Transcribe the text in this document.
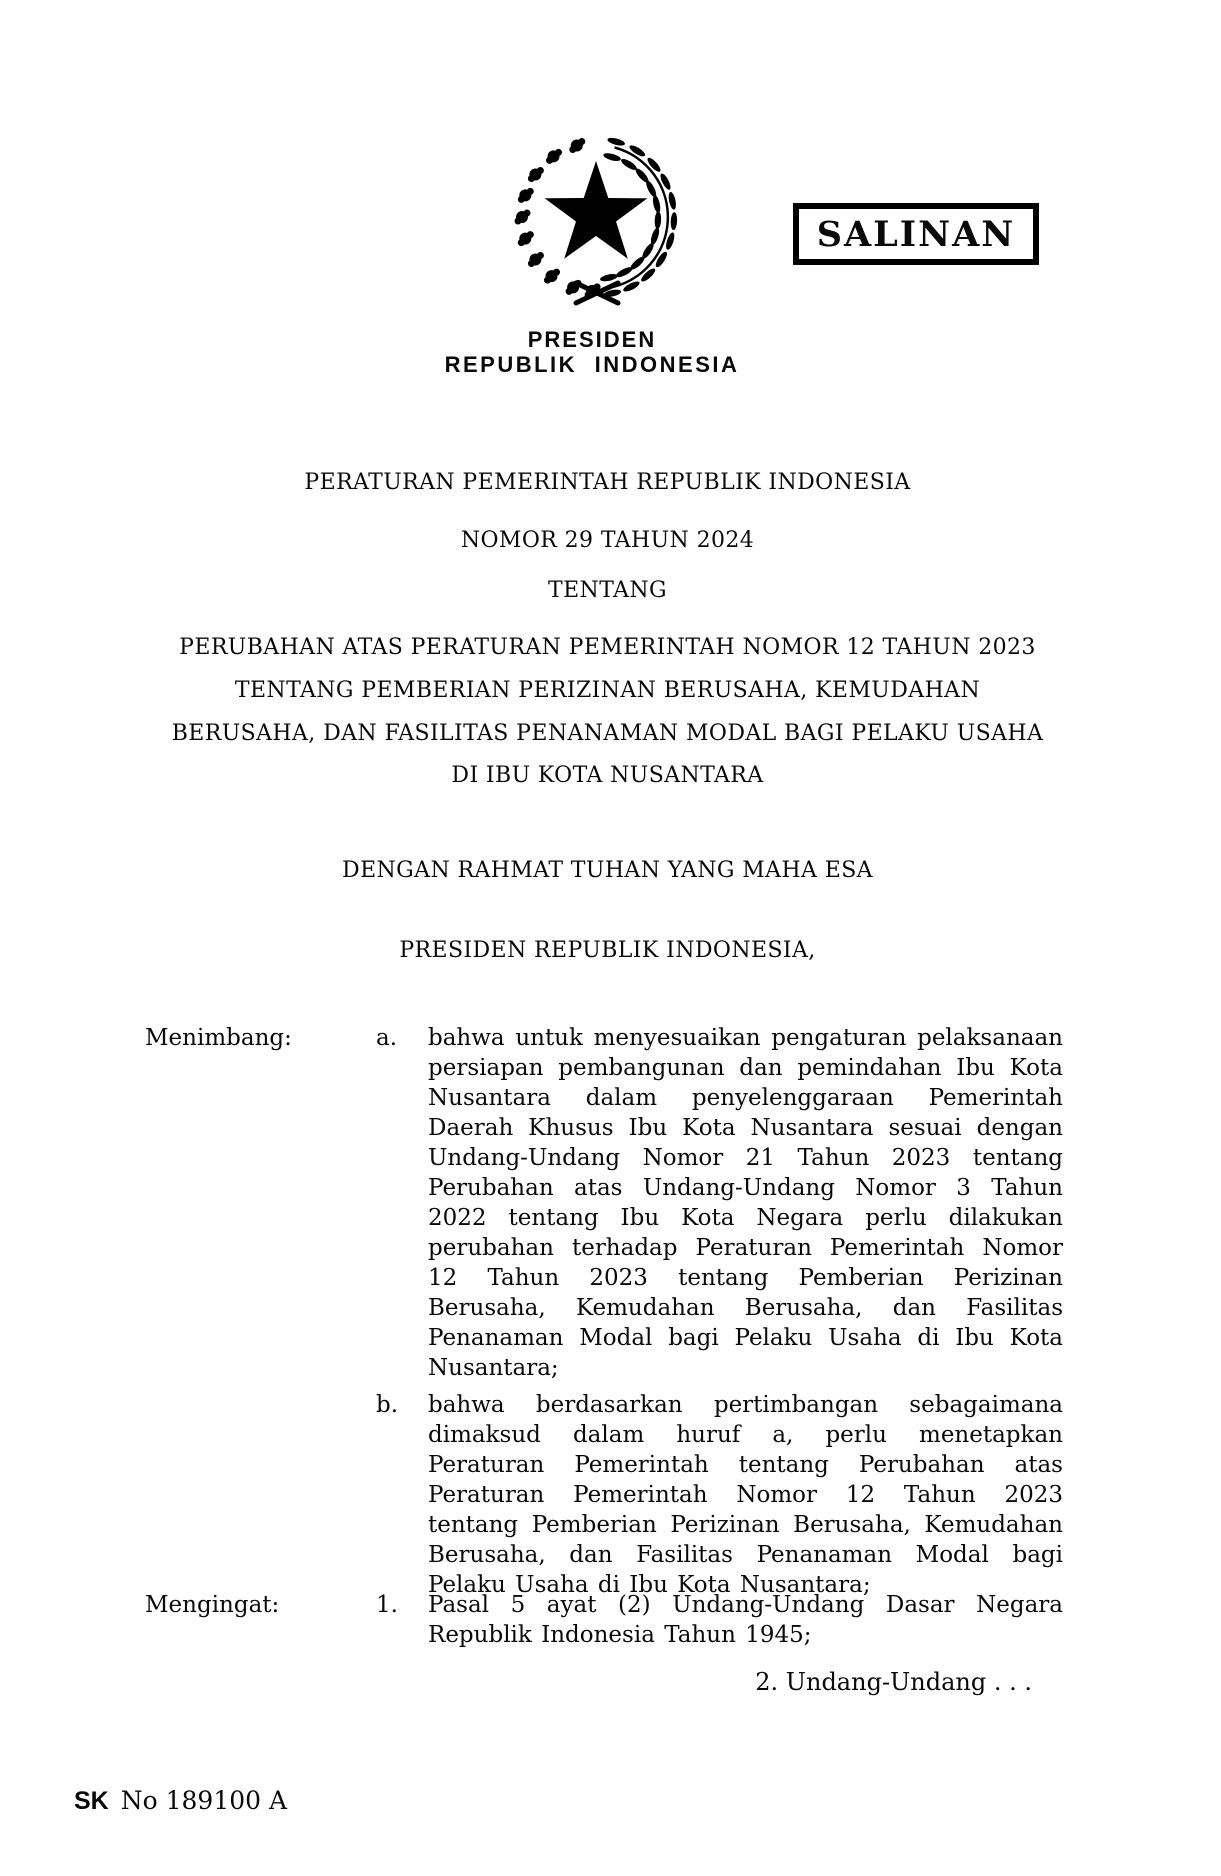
SALINAN
PRESIDEN
REPUBLIK INDONESIA
PERATURAN PEMERINTAH REPUBLIK INDONESIA
NOMOR 29 TAHUN 2024
TENTANG
PERUBAHAN ATAS PERATURAN PEMERINTAH NOMOR 12 TAHUN 2023
TENTANG PEMBERIAN PERIZINAN BERUSAHA, KEMUDAHAN
BERUSAHA, DAN FASILITAS PENANAMAN MODAL BAGI PELAKU USAHA
DI IBU KOTA NUSANTARA
DENGAN RAHMAT TUHAN YANG MAHA ESA
PRESIDEN REPUBLIK INDONESIA,
Menimbang:	a.	bahwa untuk menyesuaikan pengaturan pelaksanaan persiapan pembangunan dan pemindahan Ibu Kota Nusantara dalam penyelenggaraan Pemerintah Daerah Khusus Ibu Kota Nusantara sesuai dengan Undang-Undang Nomor 21 Tahun 2023 tentang Perubahan atas Undang-Undang Nomor 3 Tahun 2022 tentang Ibu Kota Negara perlu dilakukan perubahan terhadap Peraturan Pemerintah Nomor 12 Tahun 2023 tentang Pemberian Perizinan Berusaha, Kemudahan Berusaha, dan Fasilitas Penanaman Modal bagi Pelaku Usaha di Ibu Kota Nusantara;
b.	bahwa berdasarkan pertimbangan sebagaimana dimaksud dalam huruf a, perlu menetapkan Peraturan Pemerintah tentang Perubahan atas Peraturan Pemerintah Nomor 12 Tahun 2023 tentang Pemberian Perizinan Berusaha, Kemudahan Berusaha, dan Fasilitas Penanaman Modal bagi Pelaku Usaha di Ibu Kota Nusantara;
Mengingat:	1.	Pasal 5 ayat (2) Undang-Undang Dasar Negara Republik Indonesia Tahun 1945;
2. Undang-Undang . . .
SK No 189100 A
